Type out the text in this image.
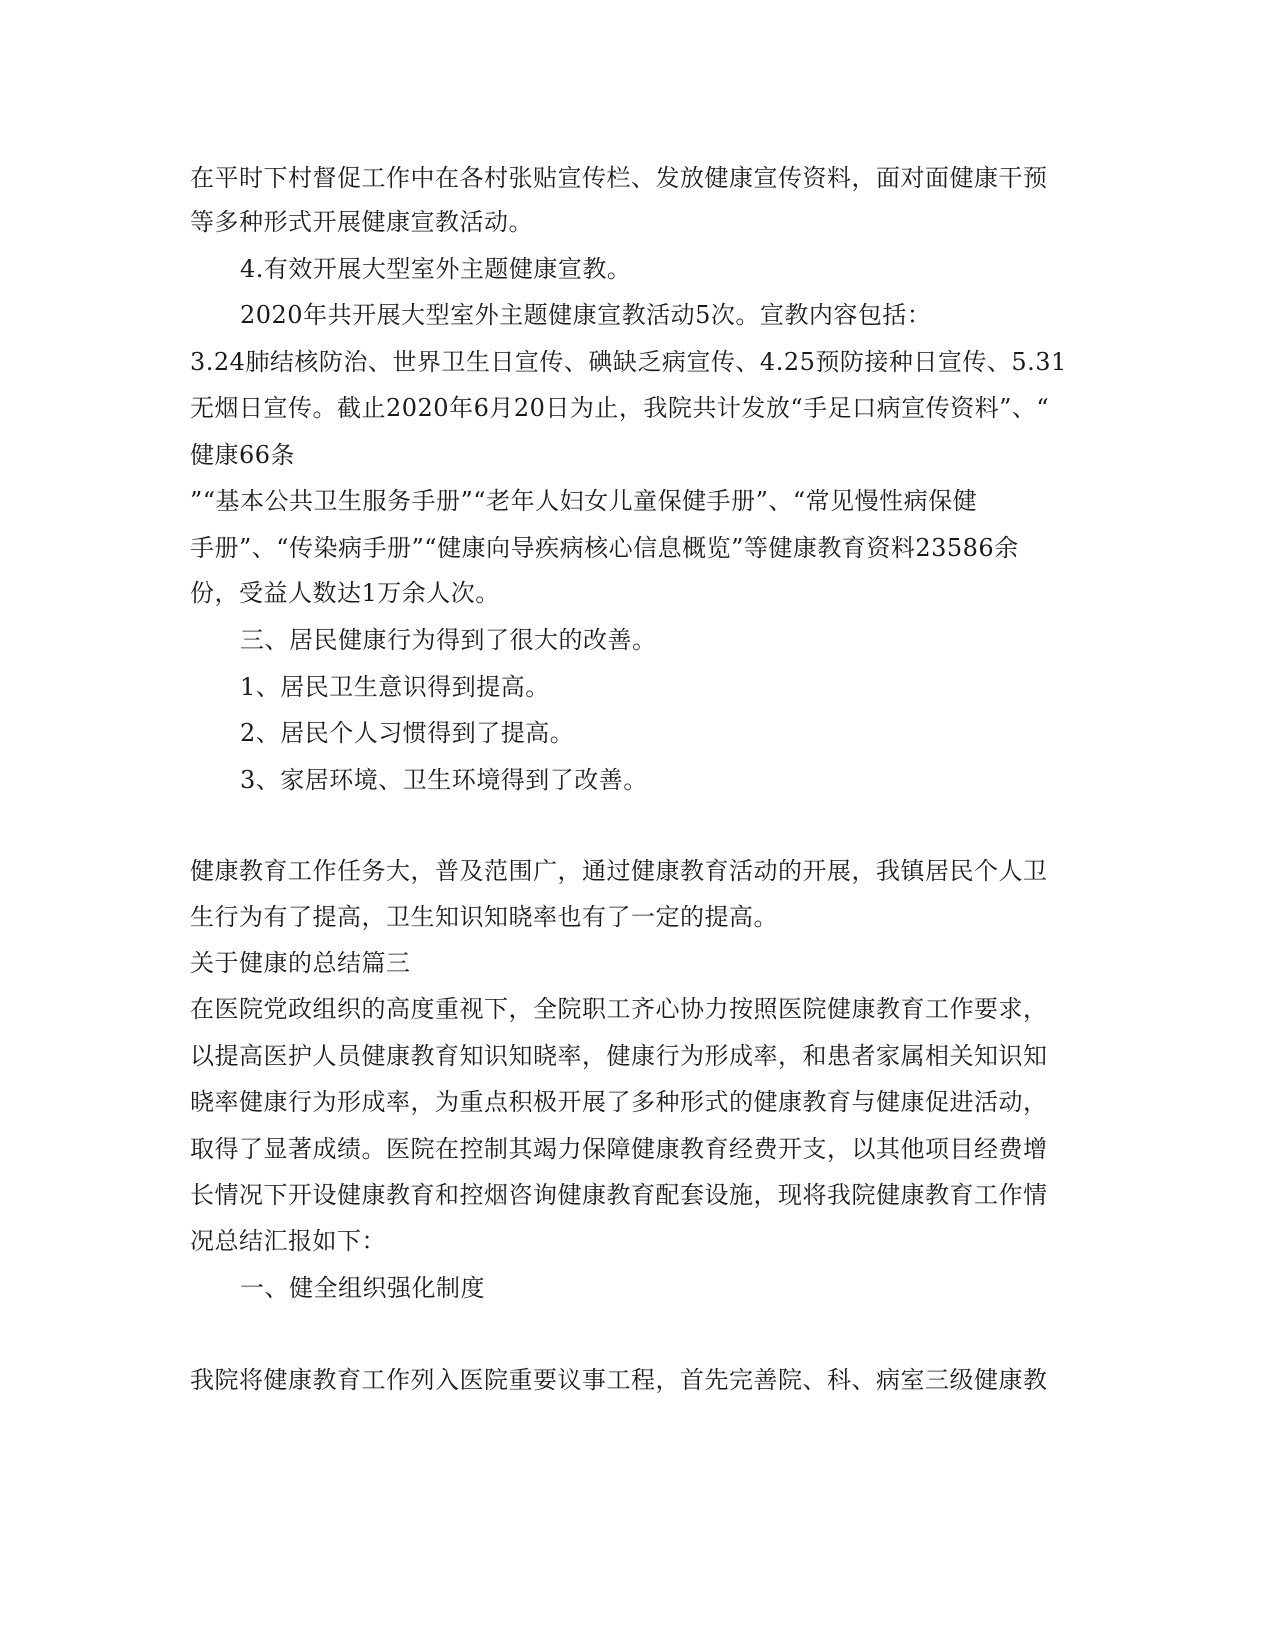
在平时下村督促工作中在各村张贴宣传栏、发放健康宣传资料，面对面健康干预
等多种形式开展健康宣教活动。
4.有效开展大型室外主题健康宣教。
2020年共开展大型室外主题健康宣教活动5次。宣教内容包括：
3.24肺结核防治、世界卫生日宣传、碘缺乏病宣传、4.25预防接种日宣传、5.31
无烟日宣传。截止2020年6月20日为止，我院共计发放“手足口病宣传资料”、“
健康66条
”“基本公共卫生服务手册”“老年人妇女儿童保健手册”、“常见慢性病保健
手册”、“传染病手册”“健康向导疾病核心信息概览”等健康教育资料23586余
份，受益人数达1万余人次。
三、居民健康行为得到了很大的改善。
1、居民卫生意识得到提高。
2、居民个人习惯得到了提高。
3、家居环境、卫生环境得到了改善。
健康教育工作任务大，普及范围广，通过健康教育活动的开展，我镇居民个人卫
生行为有了提高，卫生知识知晓率也有了一定的提高。
关于健康的总结篇三
在医院党政组织的高度重视下，全院职工齐心协力按照医院健康教育工作要求，
以提高医护人员健康教育知识知晓率，健康行为形成率，和患者家属相关知识知
晓率健康行为形成率，为重点积极开展了多种形式的健康教育与健康促进活动，
取得了显著成绩。医院在控制其竭力保障健康教育经费开支，以其他项目经费增
长情况下开设健康教育和控烟咨询健康教育配套设施，现将我院健康教育工作情
况总结汇报如下：
一、健全组织强化制度
我院将健康教育工作列入医院重要议事工程，首先完善院、科、病室三级健康教
